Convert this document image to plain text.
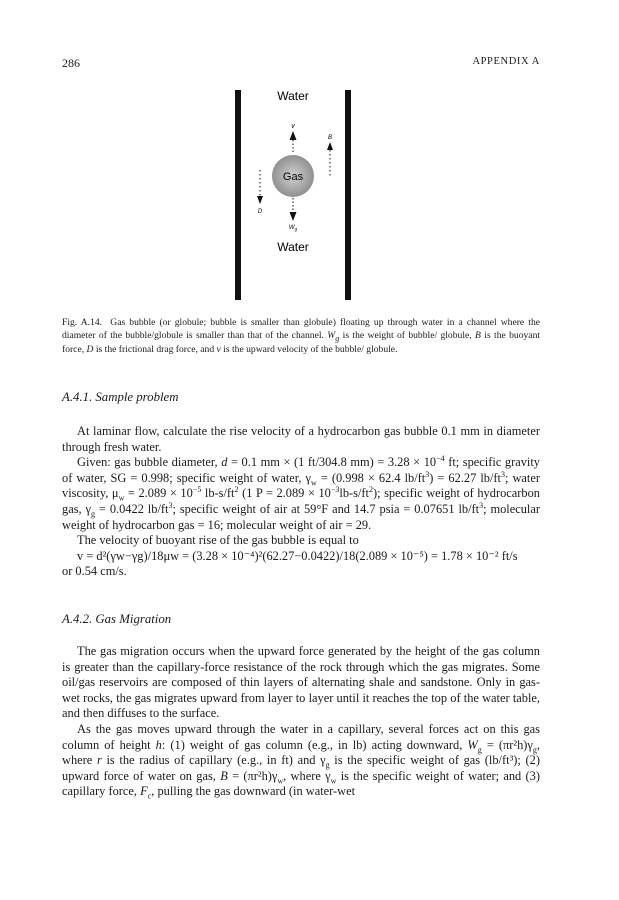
286	APPENDIX A
Water
v
B
Gas
D
$W_g$
Water
Fig. A.14. Gas bubble (or globule; bubble is smaller than globule) floating up through water in a channel where the diameter of the bubble/globule is smaller than that of the channel. $W_g$ is the weight of bubble/ globule, B is the buoyant force, D is the frictional drag force, and v is the upward velocity of the bubble/ globule.
A.4.1. Sample problem
At laminar flow, calculate the rise velocity of a hydrocarbon gas bubble 0.1 mm in diameter through fresh water.
Given: gas bubble diameter, d = 0.1 mm × (1 ft/304.8 $mm) = 3.28 \times 10^{-4}$ ft; specific gravity of water, SG = 0.998; specific weight of water, $\gamma_w = (0.998 \times 62.4$ $lb/ft^3) = 62.27$ $lb/ft^3$; water viscosity, $\mu_w = 2.089 \times 10^{-5}$ $lb-s/ft^2$ (1 $P = 2.089 \times 10^{-3}lb-s/ft^2$); specific weight of hydrocarbon gas, $\gamma_g = 0.0422$ $lb/ft^3$; specific weight of air at 59°F and 14.7 psia = 0.07651 $lb/ft^3$; molecular weight of hydrocarbon gas = 16; molecular weight of air = 29.
The velocity of buoyant rise of the gas bubble is equal to
v = d²(γw−γg)/18μw = (3.28 × 10⁻⁴)²(62.27−0.0422)/18(2.089 × 10⁻⁵) = 1.78 × 10⁻² ft/s
or 0.54 cm/s.
A.4.2. Gas Migration
The gas migration occurs when the upward force generated by the height of the gas column is greater than the capillary-force resistance of the rock through which the gas migrates. Some oil/gas reservoirs are composed of thin layers of alternating shale and sandstone. Only in gas-wet rocks, the gas migrates upward from layer to layer until it reaches the top of the water table, and then diffuses to the surface.
As the gas moves upward through the water in a capillary, several forces act on this gas column of height h: (1) weight of gas column (e.g., in lb) acting downward, $W_g = (\pi r^2h)\gamma_g$, where r is the radius of capillary (e.g., in ft) and $\gamma_g$ is the specific weight of gas (lb/ft³); (2) upward force of water on gas, $B = (\pi r^2h)\gamma_w$, where $\gamma_w$ is the specific weight of water; and (3) capillary force, $F_c$, pulling the gas downward (in water-wet
